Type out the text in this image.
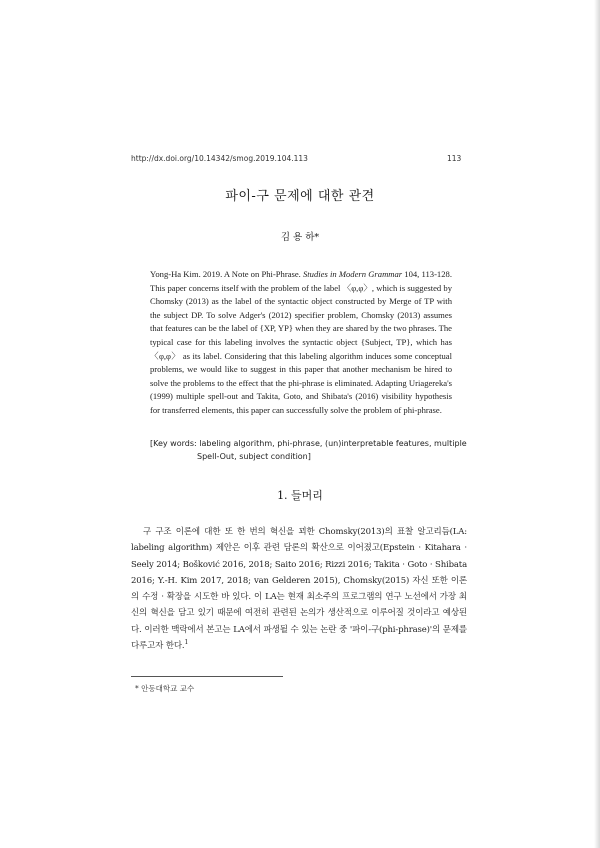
http://dx.doi.org/10.14342/smog.2019.104.113	113
파이-구 문제에 대한 관견
김 용 하*

Yong-Ha Kim. 2019. A Note on Phi-Phrase. Studies in Modern Grammar 104, 113-128. This paper concerns itself with the problem of the label 〈φ,φ〉, which is suggested by Chomsky (2013) as the label of the syntactic object constructed by Merge of TP with the subject DP. To solve Adger's (2012) specifier problem, Chomsky (2013) assumes that features can be the label of {XP, YP} when they are shared by the two phrases. The typical case for this labeling involves the syntactic object {Subject, TP}, which has 〈φ,φ〉 as its label. Considering that this labeling algorithm induces some conceptual problems, we would like to suggest in this paper that another mechanism be hired to solve the problems to the effect that the phi-phrase is eliminated. Adapting Uriagereka's (1999) multiple spell-out and Takita, Goto, and Shibata's (2016) visibility hypothesis for transferred elements, this paper can successfully solve the problem of phi-phrase.

[Key words: labeling algorithm, phi-phrase, (un)interpretable features, multiple
Spell-Out, subject condition]
1. 들머리

구 구조 이론에 대한 또 한 번의 혁신을 꾀한 Chomsky(2013)의 표찰 알고리듬(LA: labeling algorithm) 제안은 이후 관련 담론의 확산으로 이어졌고(Epstein · Kitahara · Seely 2014; Bošković 2016, 2018; Saito 2016; Rizzi 2016; Takita · Goto · Shibata 2016; Y.-H. Kim 2017, 2018; van Gelderen 2015), Chomsky(2015) 자신 또한 이론의 수정 · 확장을 시도한 바 있다. 이 LA는 현재 최소주의 프로그램의 연구 노선에서 가장 최신의 혁신을 담고 있기 때문에 여전히 관련된 논의가 생산적으로 이루어질 것이라고 예상된다. 이러한 맥락에서 본고는 LA에서 파생될 수 있는 논란 중 '파이-구(phi-phrase)'의 문제를 다루고자 한다.$^1$

* 안동대학교 교수
